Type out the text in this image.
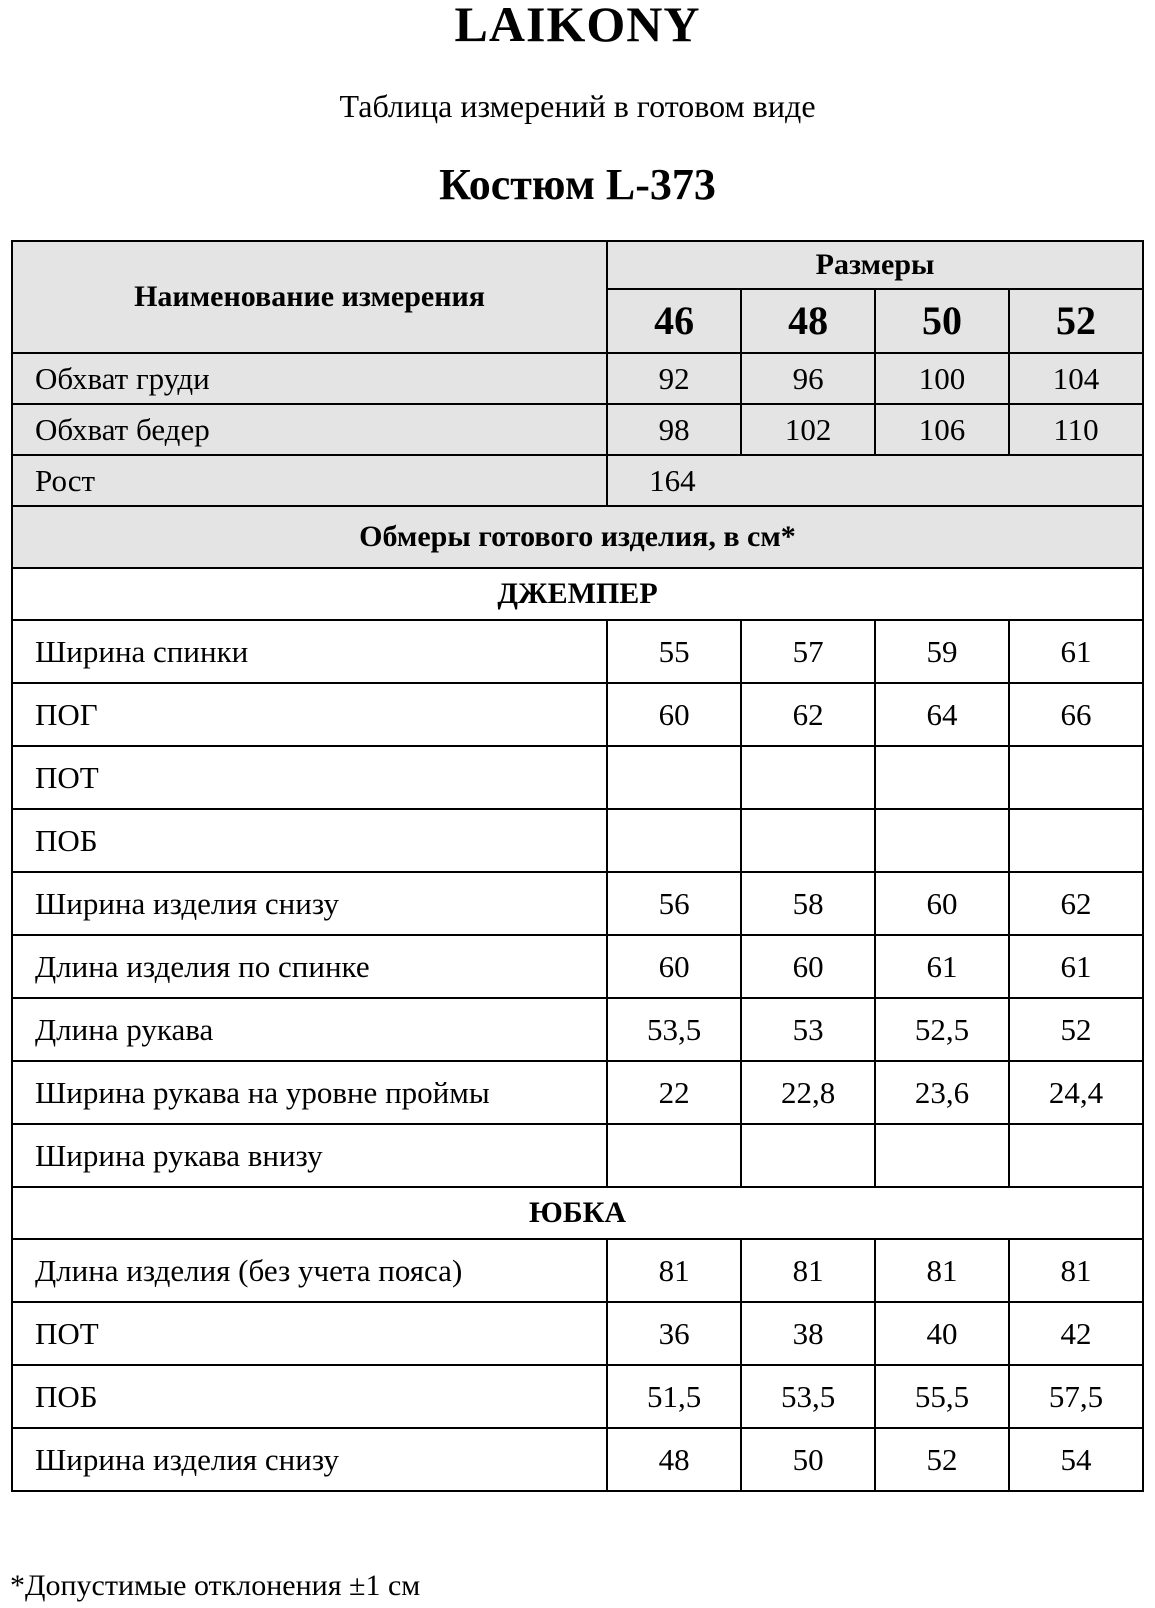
LAIKONY
Таблица измерений в готовом виде
Костюм L-373
Наименование измерения	Размеры			
	46	48	50	52
Обхват груди	92	96	100	104
Обхват бедер	98	102	106	110
Рост	164			
Обмеры готового изделия, в см*				
ДЖЕМПЕР				
Ширина спинки	55	57	59	61
ПОГ	60	62	64	66
ПОТ				
ПОБ				
Ширина изделия снизу	56	58	60	62
Длина изделия по спинке	60	60	61	61
Длина рукава	53,5	53	52,5	52
Ширина рукава на уровне проймы	22	22,8	23,6	24,4
Ширина рукава внизу				
ЮБКА				
Длина изделия (без учета пояса)	81	81	81	81
ПОТ	36	38	40	42
ПОБ	51,5	53,5	55,5	57,5
Ширина изделия снизу	48	50	52	54
*Допустимые отклонения ±1 см
